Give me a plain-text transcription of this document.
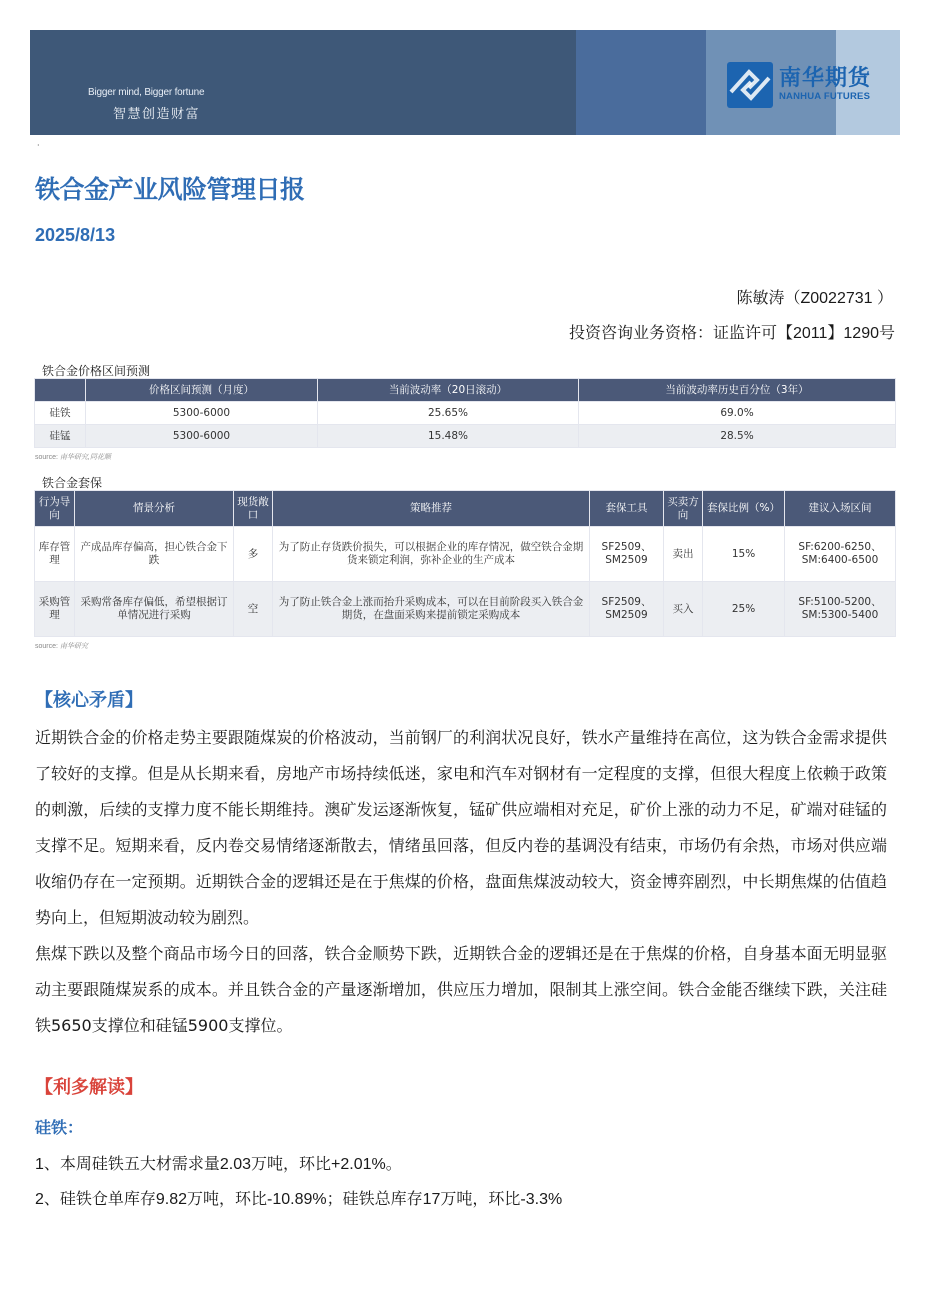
Bigger mind, Bigger fortune
智慧创造财富
南华期货
NANHUA FUTURES
·
铁合金产业风险管理日报
2025/8/13
陈敏涛（Z0022731 ）
投资咨询业务资格：证监许可【2011】1290号
铁合金价格区间预测
	价格区间预测（月度）	当前波动率（20日滚动）	当前波动率历史百分位（3年）
硅铁	5300-6000	25.65%	69.0%
硅锰	5300-6000	15.48%	28.5%
source: 南华研究,同花顺
铁合金套保
行为导向	情景分析	现货敞口	策略推荐	套保工具	买卖方向	套保比例（%）	建议入场区间
库存管理	产成品库存偏高，担心铁合金下跌	多	为了防止存货跌价损失，可以根据企业的库存情况，做空铁合金期货来锁定利润，弥补企业的生产成本	SF2509、SM2509	卖出	15%	SF:6200-6250、SM:6400-6500
采购管理	采购常备库存偏低，希望根据订单情况进行采购	空	为了防止铁合金上涨而抬升采购成本，可以在目前阶段买入铁合金期货，在盘面采购来提前锁定采购成本	SF2509、SM2509	买入	25%	SF:5100-5200、SM:5300-5400
source: 南华研究
【核心矛盾】

近期铁合金的价格走势主要跟随煤炭的价格波动，当前钢厂的利润状况良好，铁水产量维持在高位，这为铁合金需求提供了较好的支撑。但是从长期来看，房地产市场持续低迷，家电和汽车对钢材有一定程度的支撑，但很大程度上依赖于政策的刺激，后续的支撑力度不能长期维持。澳矿发运逐渐恢复，锰矿供应端相对充足，矿价上涨的动力不足，矿端对硅锰的支撑不足。短期来看，反内卷交易情绪逐渐散去，情绪虽回落，但反内卷的基调没有结束，市场仍有余热，市场对供应端收缩仍存在一定预期。近期铁合金的逻辑还是在于焦煤的价格，盘面焦煤波动较大，资金博弈剧烈，中长期焦煤的估值趋势向上，但短期波动较为剧烈。

焦煤下跌以及整个商品市场今日的回落，铁合金顺势下跌，近期铁合金的逻辑还是在于焦煤的价格，自身基本面无明显驱动主要跟随煤炭系的成本。并且铁合金的产量逐渐增加，供应压力增加，限制其上涨空间。铁合金能否继续下跌，关注硅铁5650支撑位和硅锰5900支撑位。

【利多解读】
硅铁：
1、本周硅铁五大材需求量2.03万吨，环比+2.01%。
2、硅铁仓单库存9.82万吨，环比-10.89%；硅铁总库存17万吨，环比-3.3%
